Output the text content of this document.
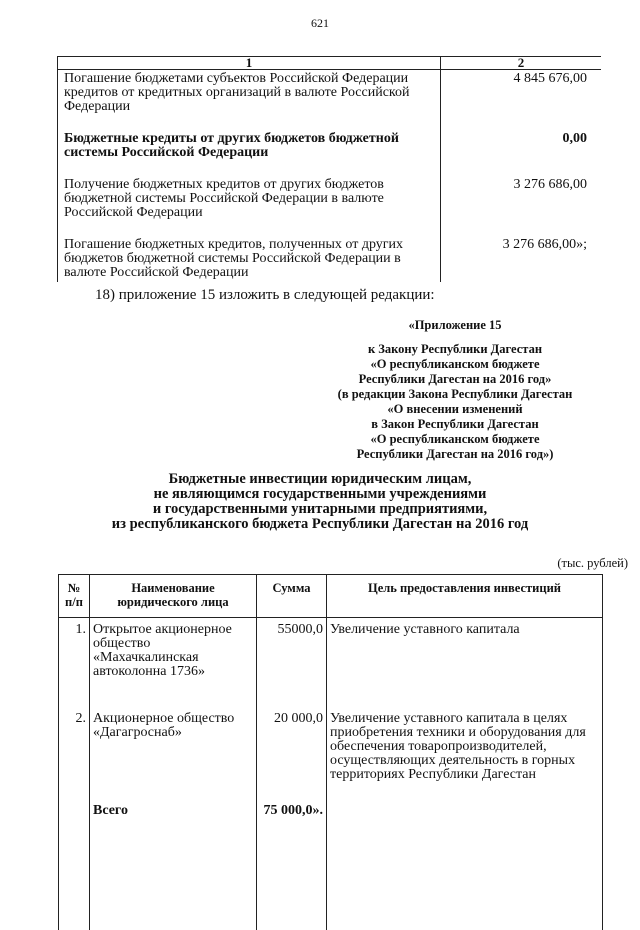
621
1	2
Погашение бюджетами субъектов Российской Федерации кредитов от кредитных организаций в валюте Российской Федерации	4 845 676,00
Бюджетные кредиты от других бюджетов бюджетной системы Российской Федерации	0,00
Получение бюджетных кредитов от других бюджетов бюджетной системы Российской Федерации в валюте Российской Федерации	3 276 686,00
Погашение бюджетных кредитов, полученных от других бюджетов бюджетной системы Российской Федерации в валюте Российской Федерации	3 276 686,00»;
18) приложение 15 изложить в следующей редакции:
«Приложение 15
к Закону Республики Дагестан
«О республиканском бюджете
Республики Дагестан на 2016 год»
(в редакции Закона Республики Дагестан
«О внесении изменений
в Закон Республики Дагестан
«О республиканском бюджете
Республики Дагестан на 2016 год»)
Бюджетные инвестиции юридическим лицам,
не являющимся государственными учреждениями
и государственными унитарными предприятиями,
из республиканского бюджета Республики Дагестан на 2016 год
(тыс. рублей)
№ п/п	Наименование юридического лица	Сумма	Цель предоставления инвестиций
1.	Открытое акционерное общество «Махачкалинская автоколонна 1736»	55000,0	Увеличение уставного капитала
2.	Акционерное общество «Дагагроснаб»	20 000,0	Увеличение уставного капитала в целях приобретения техники и оборудования для обеспечения товаропроизводителей, осуществляющих деятельность в горных территориях Республики Дагестан
	Всего	75 000,0».	
